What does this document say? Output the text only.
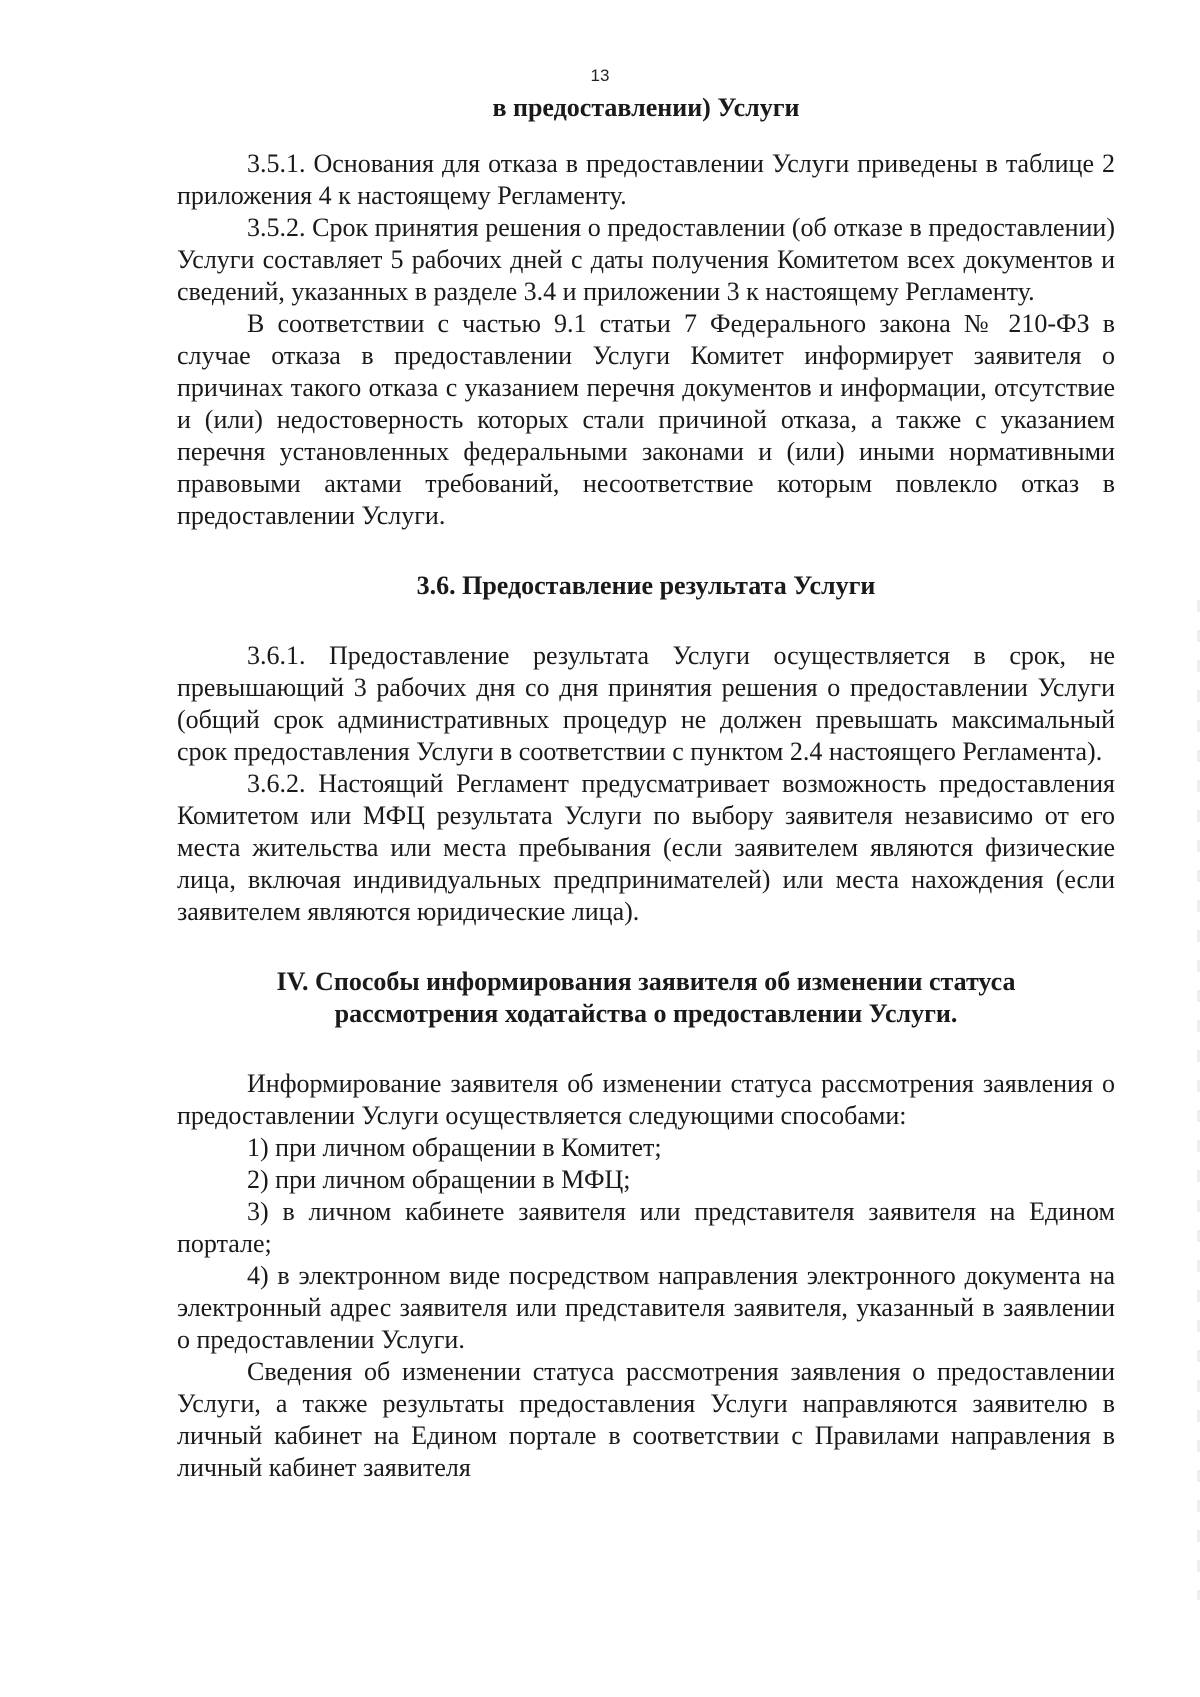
13

в предоставлении) Услуги

3.5.1. Основания для отказа в предоставлении Услуги приведены в таблице 2 приложения 4 к настоящему Регламенту.

3.5.2. Срок принятия решения о предоставлении (об отказе в предоставлении) Услуги составляет 5 рабочих дней с даты получения Комитетом всех документов и сведений, указанных в разделе 3.4 и приложении 3 к настоящему Регламенту.

В соответствии с частью 9.1 статьи 7 Федерального закона № 210-ФЗ в случае отказа в предоставлении Услуги Комитет информирует заявителя о причинах такого отказа с указанием перечня документов и информации, отсутствие и (или) недостоверность которых стали причиной отказа, а также с указанием перечня установленных федеральными законами и (или) иными нормативными правовыми актами требований, несоответствие которым повлекло отказ в предоставлении Услуги.

3.6. Предоставление результата Услуги

3.6.1. Предоставление результата Услуги осуществляется в срок, не превышающий 3 рабочих дня со дня принятия решения о предоставлении Услуги (общий срок административных процедур не должен превышать максимальный срок предоставления Услуги в соответствии с пунктом 2.4 настоящего Регламента).

3.6.2. Настоящий Регламент предусматривает возможность предоставления Комитетом или МФЦ результата Услуги по выбору заявителя независимо от его места жительства или места пребывания (если заявителем являются физические лица, включая индивидуальных предпринимателей) или места нахождения (если заявителем являются юридические лица).

IV. Способы информирования заявителя об изменении статуса

рассмотрения ходатайства о предоставлении Услуги.

Информирование заявителя об изменении статуса рассмотрения заявления о предоставлении Услуги осуществляется следующими способами:

1) при личном обращении в Комитет;

2) при личном обращении в МФЦ;

3) в личном кабинете заявителя или представителя заявителя на Едином портале;

4) в электронном виде посредством направления электронного документа на электронный адрес заявителя или представителя заявителя, указанный в заявлении о предоставлении Услуги.

Сведения об изменении статуса рассмотрения заявления о предоставлении Услуги, а также результаты предоставления Услуги направляются заявителю в личный кабинет на Едином портале в соответствии с Правилами направления в личный кабинет заявителя
